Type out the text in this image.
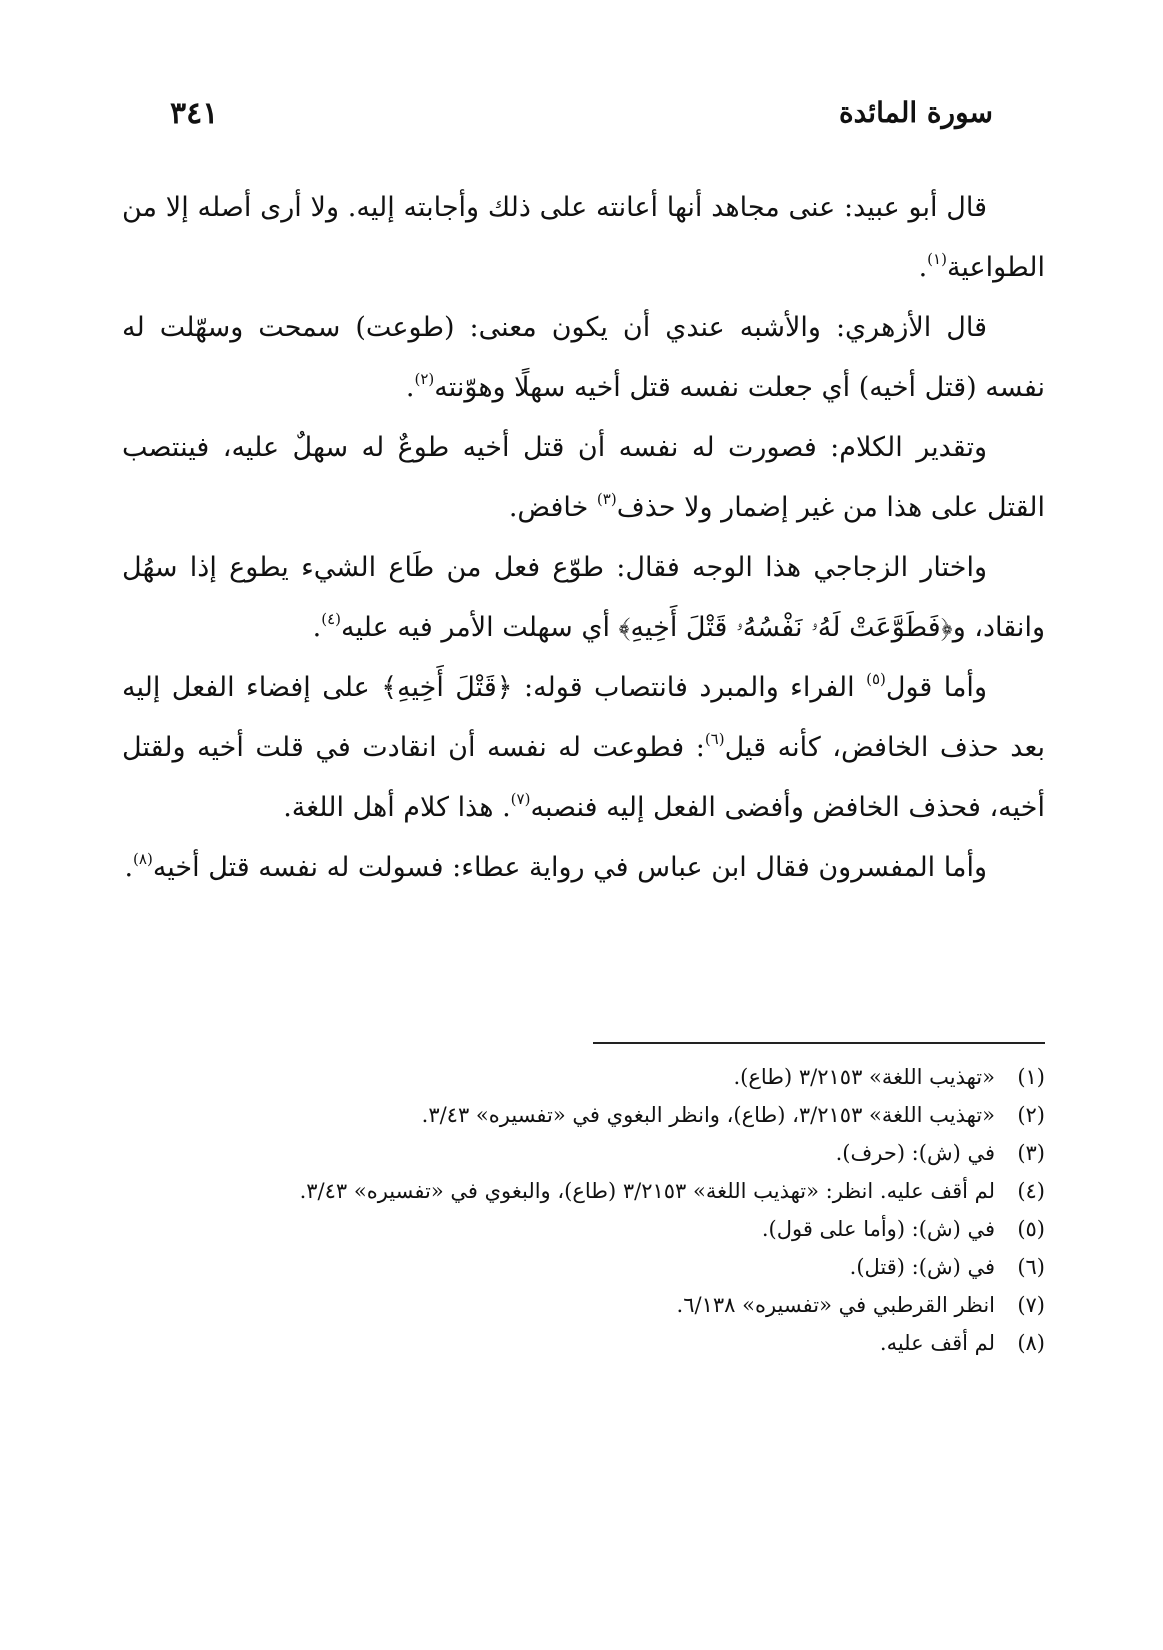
سورة المائدة
٣٤١

قال أبو عبيد: عنى مجاهد أنها أعانته على ذلك وأجابته إليه. ولا أرى أصله إلا من الطواعية$^{(١)}$.

قال الأزهري: والأشبه عندي أن يكون معنى: (طوعت) سمحت وسهّلت له نفسه (قتل أخيه) أي جعلت نفسه قتل أخيه سهلًا وهوّنته$^{(٢)}$.

وتقدير الكلام: فصورت له نفسه أن قتل أخيه طوعٌ له سهلٌ عليه، فينتصب القتل على هذا من غير إضمار ولا حذف$^{(٣)}$ خافض.

واختار الزجاجي هذا الوجه فقال: طوّع فعل من طَاع الشيء يطوع إذا سهُل وانقاد، و﴿فَطَوَّعَتْ لَهُۥ نَفْسُهُۥ قَتْلَ أَخِيهِ﴾ أي سهلت الأمر فيه عليه$^{(٤)}$.

وأما قول$^{(٥)}$ الفراء والمبرد فانتصاب قوله: ﴿قَتْلَ أَخِيهِ﴾ على إفضاء الفعل إليه بعد حذف الخافض، كأنه قيل$^{(٦)}$: فطوعت له نفسه أن انقادت في قلت أخيه ولقتل أخيه، فحذف الخافض وأفضى الفعل إليه فنصبه$^{(٧)}$. هذا كلام أهل اللغة.

وأما المفسرون فقال ابن عباس في رواية عطاء: فسولت له نفسه قتل أخيه$^{(٨)}$.

(١)
«تهذيب اللغة» ٣/٢١٥٣ (طاع).
(٢)
«تهذيب اللغة» ٣/٢١٥٣، (طاع)، وانظر البغوي في «تفسيره» ٣/٤٣.
(٣)
في (ش): (حرف).
(٤)
لم أقف عليه. انظر: «تهذيب اللغة» ٣/٢١٥٣ (طاع)، والبغوي في «تفسيره» ٣/٤٣.
(٥)
في (ش): (وأما على قول).
(٦)
في (ش): (قتل).
(٧)
انظر القرطبي في «تفسيره» ٦/١٣٨.
(٨)
لم أقف عليه.
